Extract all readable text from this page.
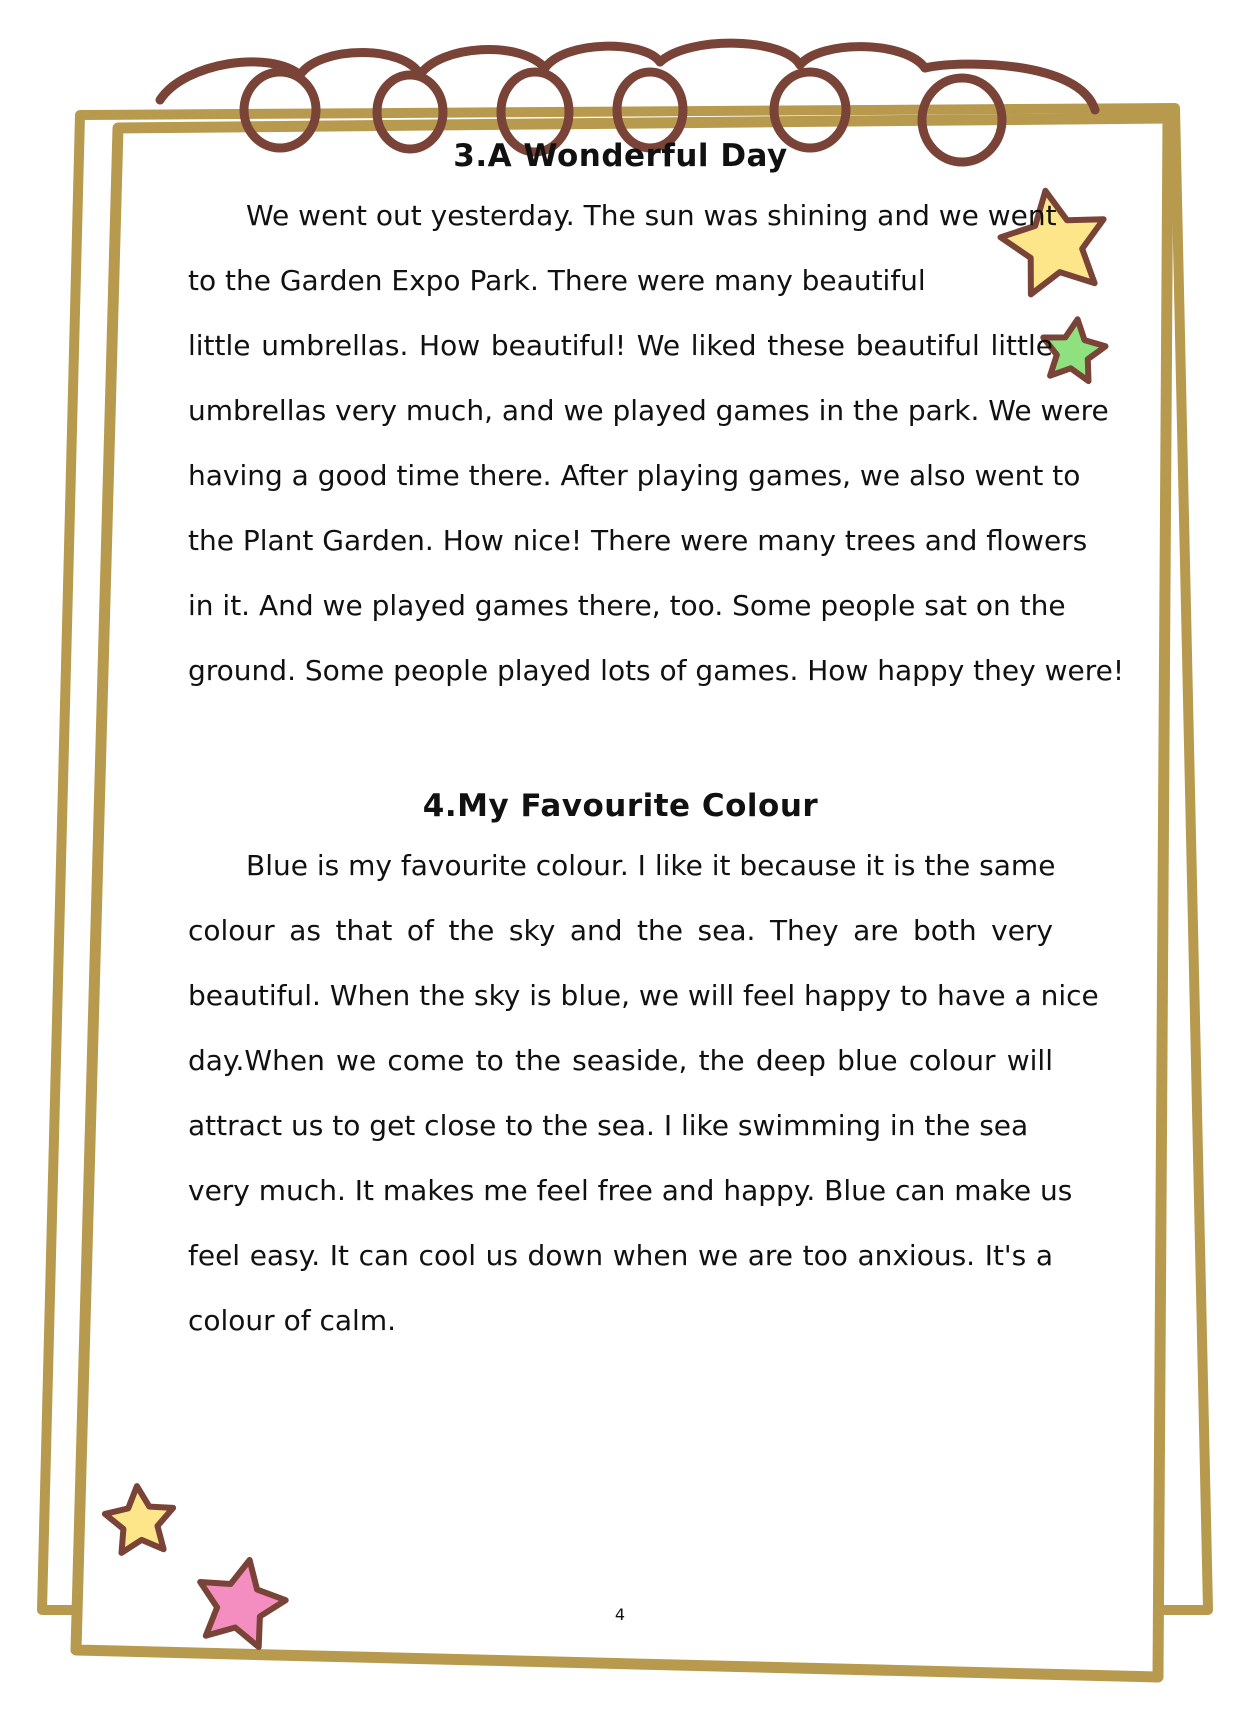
3.A Wonderful Day
We went out yesterday. The sun was shining and we went
to the Garden Expo Park. There were many beautiful
little umbrellas. How beautiful! We liked these beautiful little
umbrellas very much, and we played games in the park. We were
having a good time there. After playing games, we also went to
the Plant Garden. How nice! There were many trees and flowers
in it. And we played games there, too. Some people sat on the
ground. Some people played lots of games. How happy they were!
4.My Favourite Colour
Blue is my favourite colour. I like it because it is the same
colour as that of the sky and the sea. They are both very
beautiful. When the sky is blue, we will feel happy to have a nice
day.When we come to the seaside, the deep blue colour will
attract us to get close to the sea. I like swimming in the sea
very much. It makes me feel free and happy. Blue can make us
feel easy. It can cool us down when we are too anxious. It's a
colour of calm.
4
